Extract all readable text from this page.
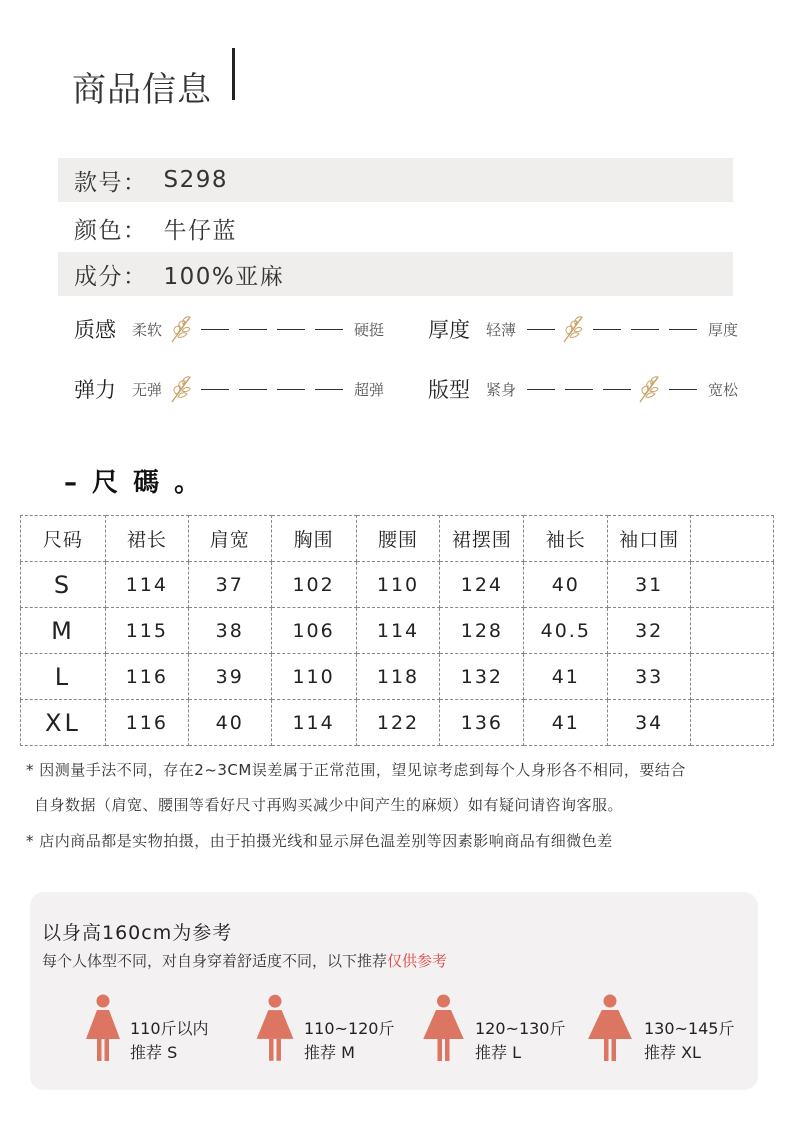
商品信息
款号： S298
颜色： 牛仔蓝
成分： 100%亚麻
质感 柔软	硬挺 厚度 轻薄	厚度
弹力 无弹	超弹 版型 紧身	宽松
– 尺 碼 。
尺码	裙长	肩宽	胸围	腰围	裙摆围	袖长	袖口围	
S	114	37	102	110	124	40	31	
M	115	38	106	114	128	40.5	32	
L	116	39	110	118	132	41	33	
XL	116	40	114	122	136	41	34	
* 因测量手法不同，存在2~3CM误差属于正常范围，望见谅考虑到每个人身形各不相同，要结合
自身数据（肩宽、腰围等看好尺寸再购买减少中间产生的麻烦）如有疑问请咨询客服。
* 店内商品都是实物拍摄，由于拍摄光线和显示屏色温差别等因素影响商品有细微色差
以身高160cm为参考
每个人体型不同，对自身穿着舒适度不同，以下推荐仅供参考
110斤以内
推荐 S
110~120斤
推荐 M
120~130斤
推荐 L
130~145斤
推荐 XL
